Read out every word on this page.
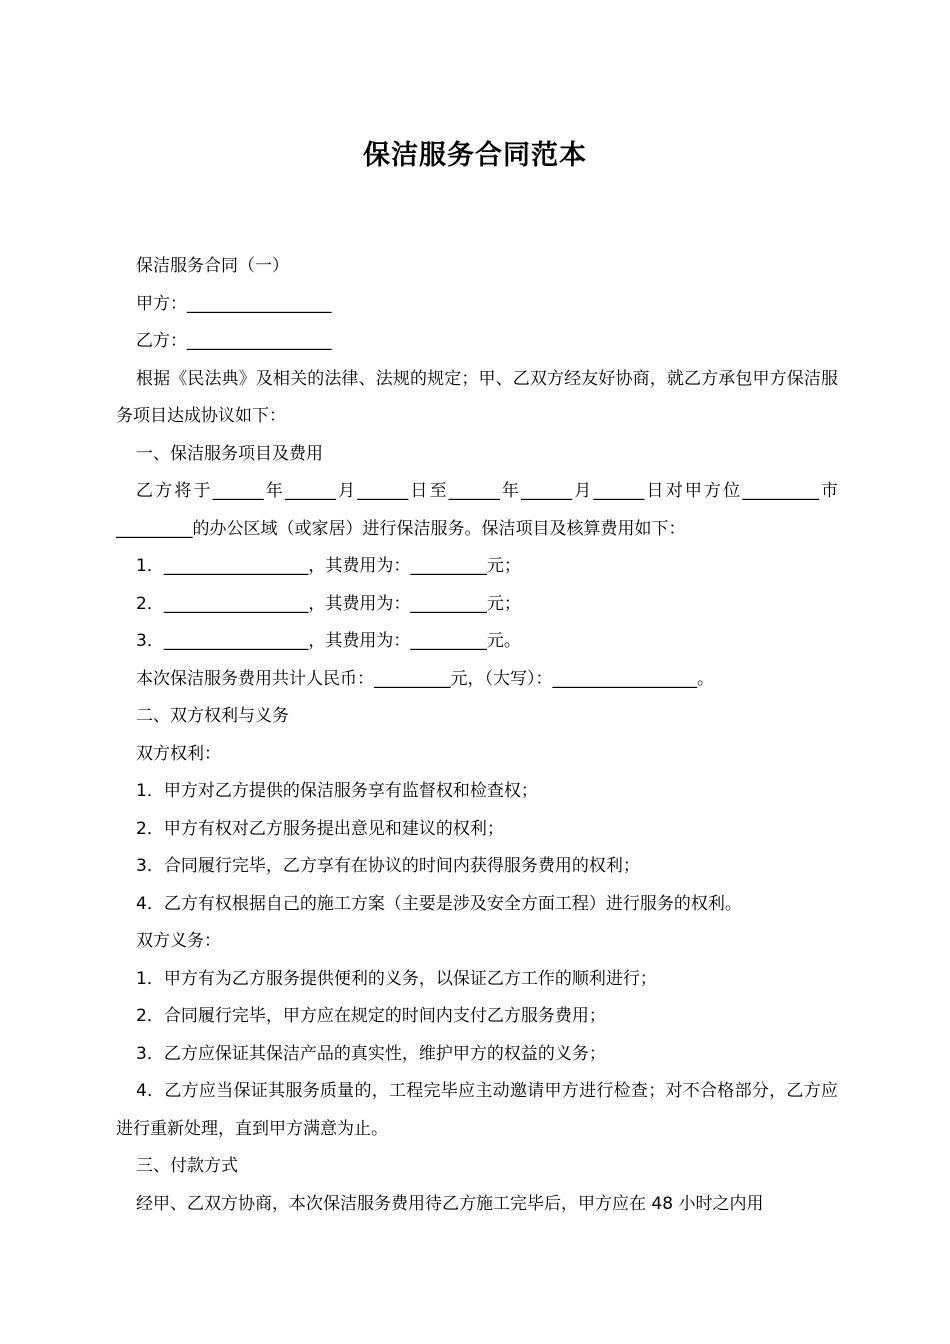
保洁服务合同范本

保洁服务合同（一）

甲方：_________________

乙方：_________________

根据《民法典》及相关的法律、法规的规定；甲、乙双方经友好协商，就乙方承包甲方保洁服务项目达成协议如下：

一、保洁服务项目及费用

乙方将于______年______月______日至______年______月______日对甲方位_________市_________的办公区域（或家居）进行保洁服务。保洁项目及核算费用如下：

1．_________________，其费用为：_________元；

2．_________________，其费用为：_________元；

3．_________________，其费用为：_________元。

本次保洁服务费用共计人民币：_________元，（大写）：_________________。

二、双方权利与义务

双方权利：

1．甲方对乙方提供的保洁服务享有监督权和检查权；

2．甲方有权对乙方服务提出意见和建议的权利；

3．合同履行完毕，乙方享有在协议的时间内获得服务费用的权利；

4．乙方有权根据自己的施工方案（主要是涉及安全方面工程）进行服务的权利。

双方义务：

1．甲方有为乙方服务提供便利的义务，以保证乙方工作的顺利进行；

2．合同履行完毕，甲方应在规定的时间内支付乙方服务费用；

3．乙方应保证其保洁产品的真实性，维护甲方的权益的义务；

4．乙方应当保证其服务质量的，工程完毕应主动邀请甲方进行检查；对不合格部分，乙方应进行重新处理，直到甲方满意为止。

三、付款方式

经甲、乙双方协商，本次保洁服务费用待乙方施工完毕后，甲方应在 48 小时之内用
